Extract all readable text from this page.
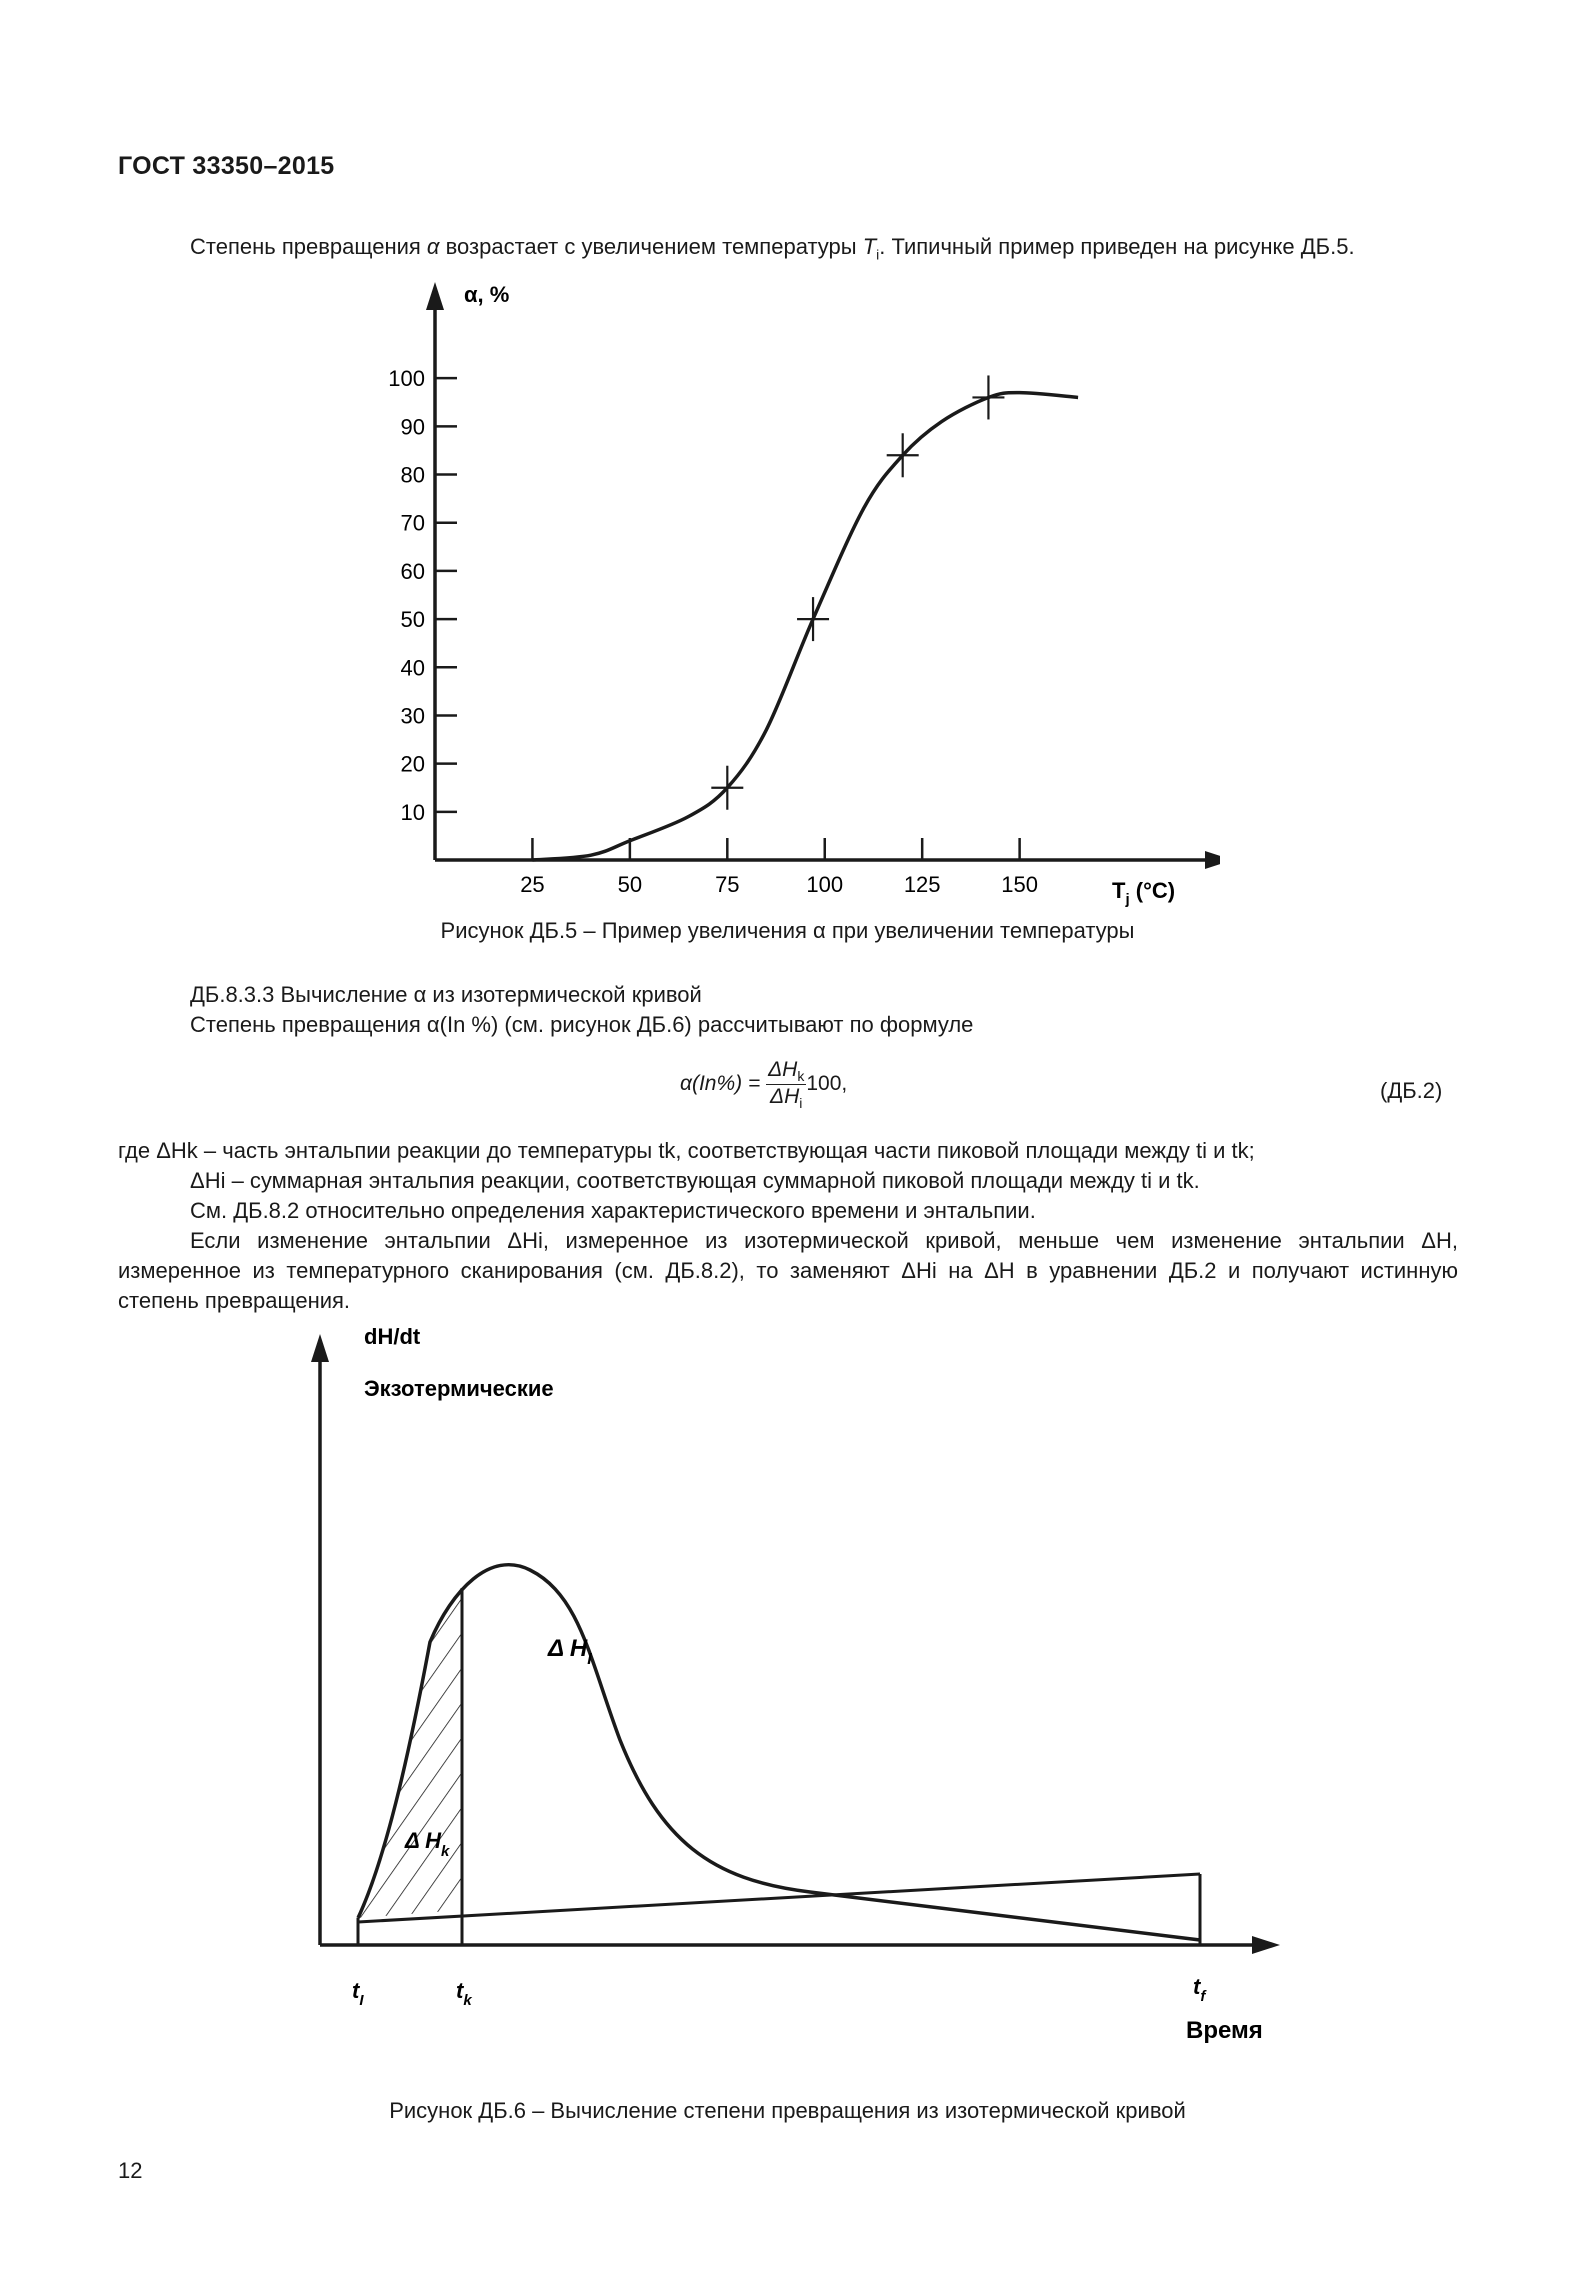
ГОСТ 33350–2015
Степень превращения α возрастает с увеличением температуры $T_i$. Типичный пример приведен на рисунке ДБ.5.
10
20
30
40
50
60
70
80
90
100
25	50	75	100	125	150
α, %
$T_j$ (°С)
Рисунок ДБ.5 – Пример увеличения α при увеличении температуры
ДБ.8.3.3 Вычисление α из изотермической кривой
Степень превращения α(In %) (см. рисунок ДБ.6) рассчитывают по формуле
$\alpha(In\%) = \frac{\Delta H_k}{\Delta H_i} 100$,	(ДБ.2)
где ΔHk – часть энтальпии реакции до температуры tk, соответствующая части пиковой площади между ti и tk;
ΔHi – суммарная энтальпия реакции, соответствующая суммарной пиковой площади между ti и tk.
См. ДБ.8.2 относительно определения характеристического времени и энтальпии.
Если изменение энтальпии ΔHi, измеренное из изотермической кривой, меньше чем изменение энтальпии ΔH, измеренное из температурного сканирования (см. ДБ.8.2), то заменяют ΔHi на ΔH в уравнении ДБ.2 и получают истинную степень превращения.
dH/dt
Экзотермические
Δ $H_I$
Δ $H_k$
$t_I$	$t_k$
$t_f$
Время
Рисунок ДБ.6 – Вычисление степени превращения из изотермической кривой
12
